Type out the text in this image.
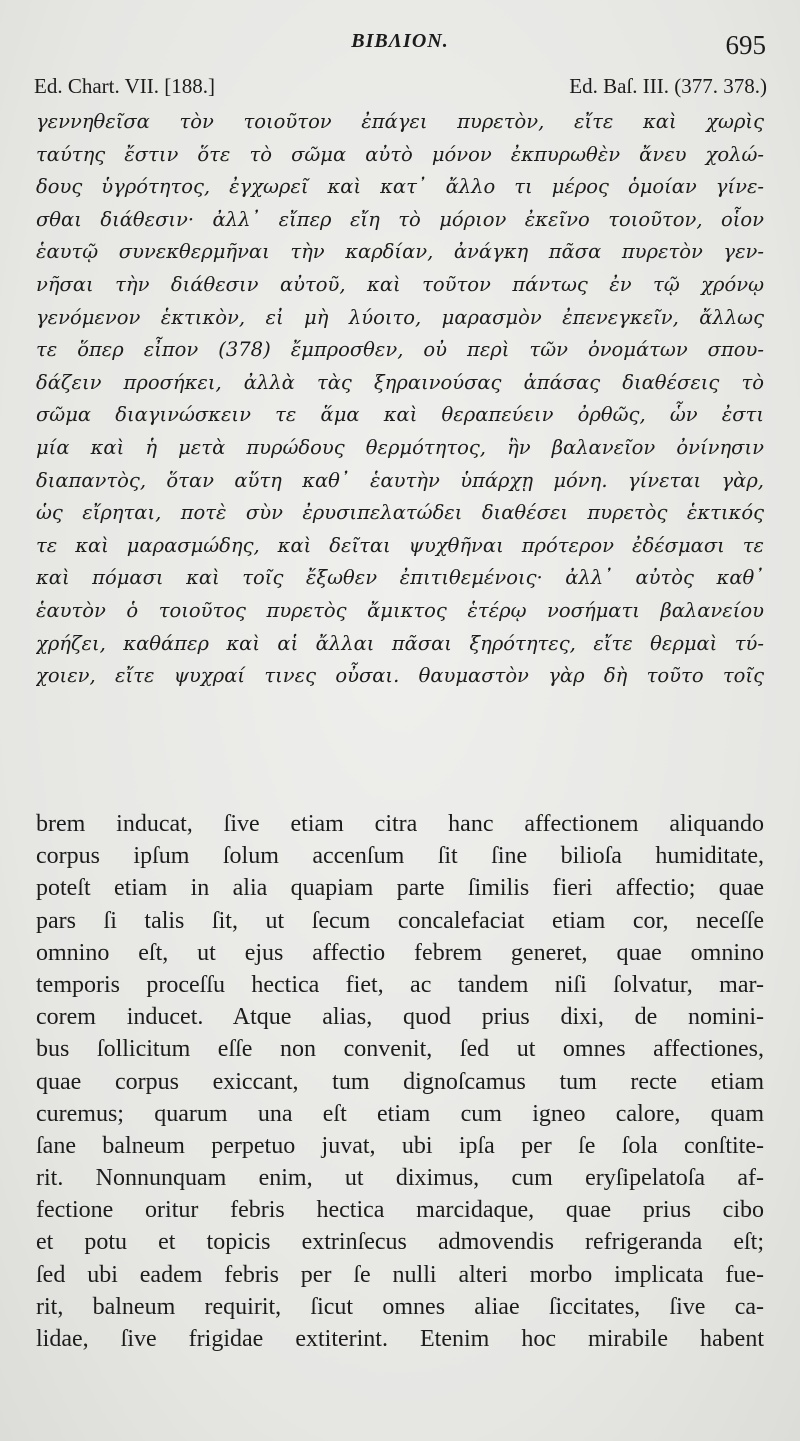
BIBΛΙΟΝ.	695
Ed. Chart. VII. [188.]	Ed. Baſ. III. (377. 378.)
γεννηθεῖσα τὸν τοιοῦτον ἐπάγει πυρετὸν, εἴτε καὶ χωρὶς
ταύτης ἔστιν ὅτε τὸ σῶμα αὐτὸ μόνον ἐκπυρωθὲν ἄνευ χολώ-
δους ὑγρότητος, ἐγχωρεῖ καὶ κατ᾽ ἄλλο τι μέρος ὁμοίαν γίνε-
σθαι διάθεσιν· ἀλλ᾽ εἴπερ εἴη τὸ μόριον ἐκεῖνο τοιοῦτον, οἷον
ἑαυτῷ συνεκθερμῆναι τὴν καρδίαν, ἀνάγκη πᾶσα πυρετὸν γεν-
νῆσαι τὴν διάθεσιν αὐτοῦ, καὶ τοῦτον πάντως ἐν τῷ χρόνῳ
γενόμενον ἑκτικὸν, εἰ μὴ λύοιτο, μαρασμὸν ἐπενεγκεῖν, ἄλλως
τε ὅπερ εἶπον (378) ἔμπροσθεν, οὐ περὶ τῶν ὀνομάτων σπου-
δάζειν προσήκει, ἀλλὰ τὰς ξηραινούσας ἁπάσας διαθέσεις τὸ
σῶμα διαγινώσκειν τε ἅμα καὶ θεραπεύειν ὀρθῶς, ὧν ἐστι
μία καὶ ἡ μετὰ πυρώδους θερμότητος, ἣν βαλανεῖον ὀνίνησιν
διαπαντὸς, ὅταν αὕτη καθ᾽ ἑαυτὴν ὑπάρχῃ μόνη. γίνεται γὰρ,
ὡς εἴρηται, ποτὲ σὺν ἐρυσιπελατώδει διαθέσει πυρετὸς ἑκτικός
τε καὶ μαρασμώδης, καὶ δεῖται ψυχθῆναι πρότερον ἐδέσμασι τε
καὶ πόμασι καὶ τοῖς ἔξωθεν ἐπιτιθεμένοις· ἀλλ᾽ αὐτὸς καθ᾽
ἑαυτὸν ὁ τοιοῦτος πυρετὸς ἄμικτος ἑτέρῳ νοσήματι βαλανείου
χρήζει, καθάπερ καὶ αἱ ἄλλαι πᾶσαι ξηρότητες, εἴτε θερμαὶ τύ-
χοιεν, εἴτε ψυχραί τινες οὖσαι. θαυμαστὸν γὰρ δὴ τοῦτο τοῖς
brem inducat, ſive etiam citra hanc affectionem aliquando
corpus ipſum ſolum accenſum ſit ſine bilioſa humiditate,
poteſt etiam in alia quapiam parte ſimilis fieri affectio; quae
pars ſi talis ſit, ut ſecum concalefaciat etiam cor, neceſſe
omnino eſt, ut ejus affectio febrem generet, quae omnino
temporis proceſſu hectica fiet, ac tandem niſi ſolvatur, mar-
corem inducet. Atque alias, quod prius dixi, de nomini-
bus ſollicitum eſſe non convenit, ſed ut omnes affectiones,
quae corpus exiccant, tum dignoſcamus tum recte etiam
curemus; quarum una eſt etiam cum igneo calore, quam
ſane balneum perpetuo juvat, ubi ipſa per ſe ſola conſtite-
rit. Nonnunquam enim, ut diximus, cum eryſipelatoſa af-
fectione oritur febris hectica marcidaque, quae prius cibo
et potu et topicis extrinſecus admovendis refrigeranda eſt;
ſed ubi eadem febris per ſe nulli alteri morbo implicata fue-
rit, balneum requirit, ſicut omnes aliae ſiccitates, ſive ca-
lidae, ſive frigidae extiterint. Etenim hoc mirabile habent
